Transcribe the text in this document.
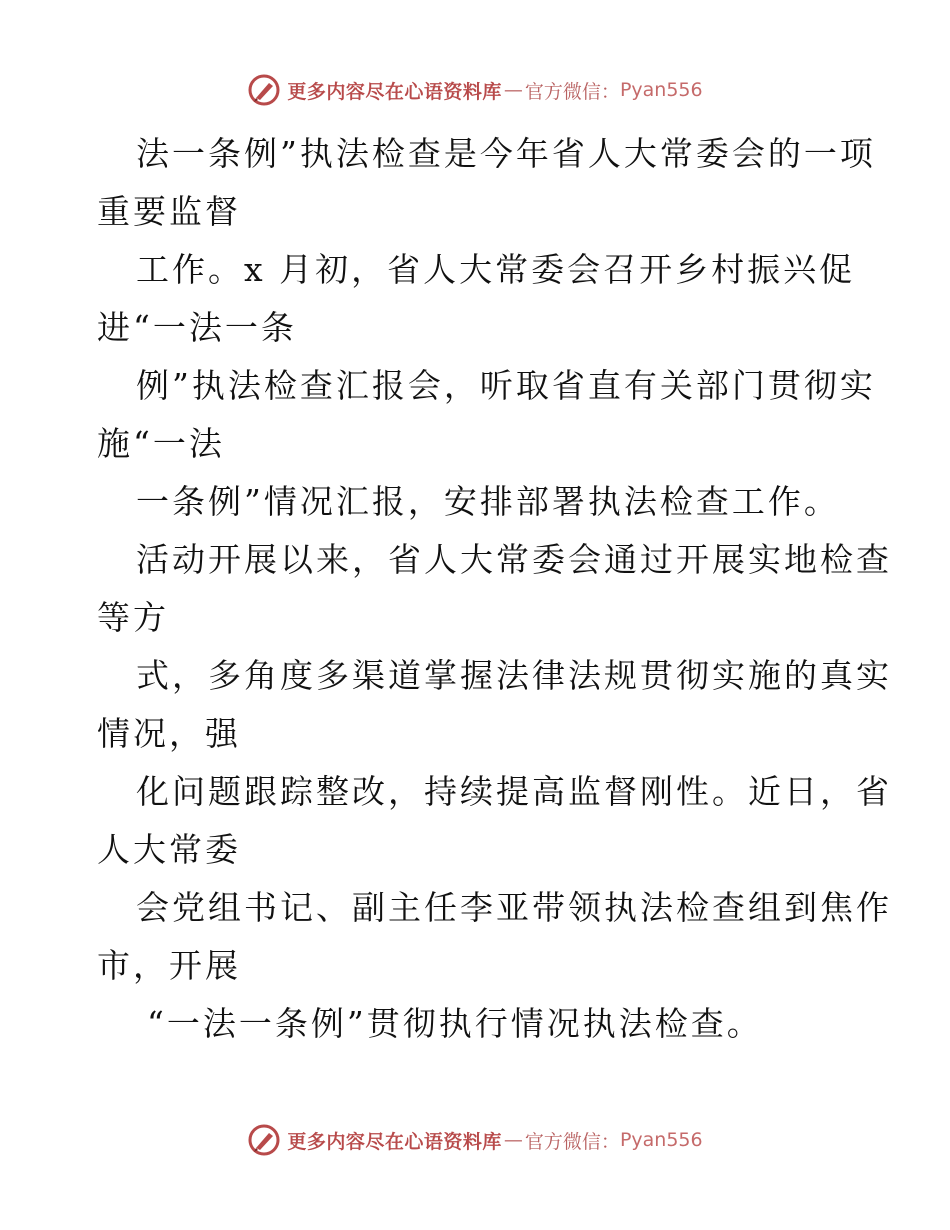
更多内容尽在心语资料库 — 官方微信： Pyan556
法一条例”执法检查是今年省人大常委会的一项
重要监督
工作。x 月初，省人大常委会召开乡村振兴促
进“一法一条
例”执法检查汇报会，听取省直有关部门贯彻实
施“一法
一条例”情况汇报，安排部署执法检查工作。
活动开展以来，省人大常委会通过开展实地检查
等方
式，多角度多渠道掌握法律法规贯彻实施的真实
情况，强
化问题跟踪整改，持续提高监督刚性。近日，省
人大常委
会党组书记、副主任李亚带领执法检查组到焦作
市，开展
“一法一条例”贯彻执行情况执法检查。
更多内容尽在心语资料库 — 官方微信： Pyan556
